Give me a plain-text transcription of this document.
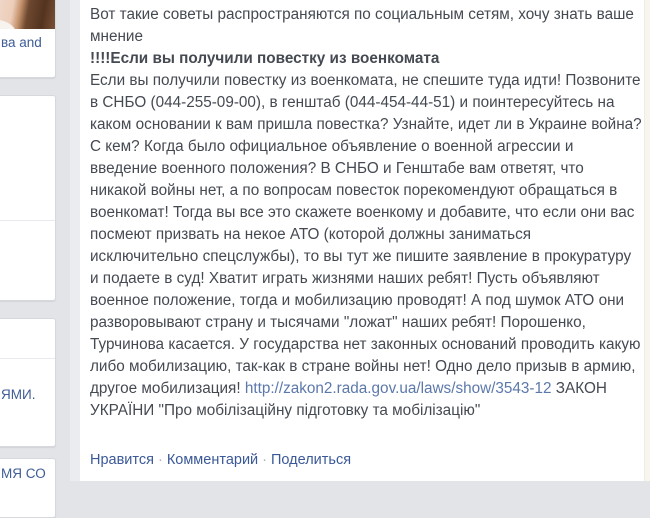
ва and
ЯМИ.
МЯ СО
Вот такие советы распространяются по социальным сетям, хочу знать ваше мнение
!!!!Если вы получили повестку из военкомата
Если вы получили повестку из военкомата, не спешите туда идти! Позвоните в СНБО (044-255-09-00), в генштаб (044-454-44-51) и поинтересуйтесь на каком основании к вам пришла повестка? Узнайте, идет ли в Украине война? С кем? Когда было официальное объявление о военной агрессии и введение военного положения? В СНБО и Генштабе вам ответят, что никакой войны нет, а по вопросам повесток порекомендуют обращаться в военкомат! Тогда вы все это скажете военкому и добавите, что если они вас посмеют призвать на некое АТО (которой должны заниматься исключительно спецслужбы), то вы тут же пишите заявление в прокуратуру и подаете в суд! Хватит играть жизнями наших ребят! Пусть объявляют военное положение, тогда и мобилизацию проводят! А под шумок АТО они разворовывают страну и тысячами "ложат" наших ребят! Порошенко, Турчинова касается. У государства нет законных оснований проводить какую либо мобилизацию, так-как в стране войны нет! Одно дело призыв в армию, другое мобилизация! http://zakon2.rada.gov.ua/laws/show/3543-12 ЗАКОН УКРАЇНИ "Про мобілізаційну підготовку та мобілізацію"
Нравится · Комментарий · Поделиться
